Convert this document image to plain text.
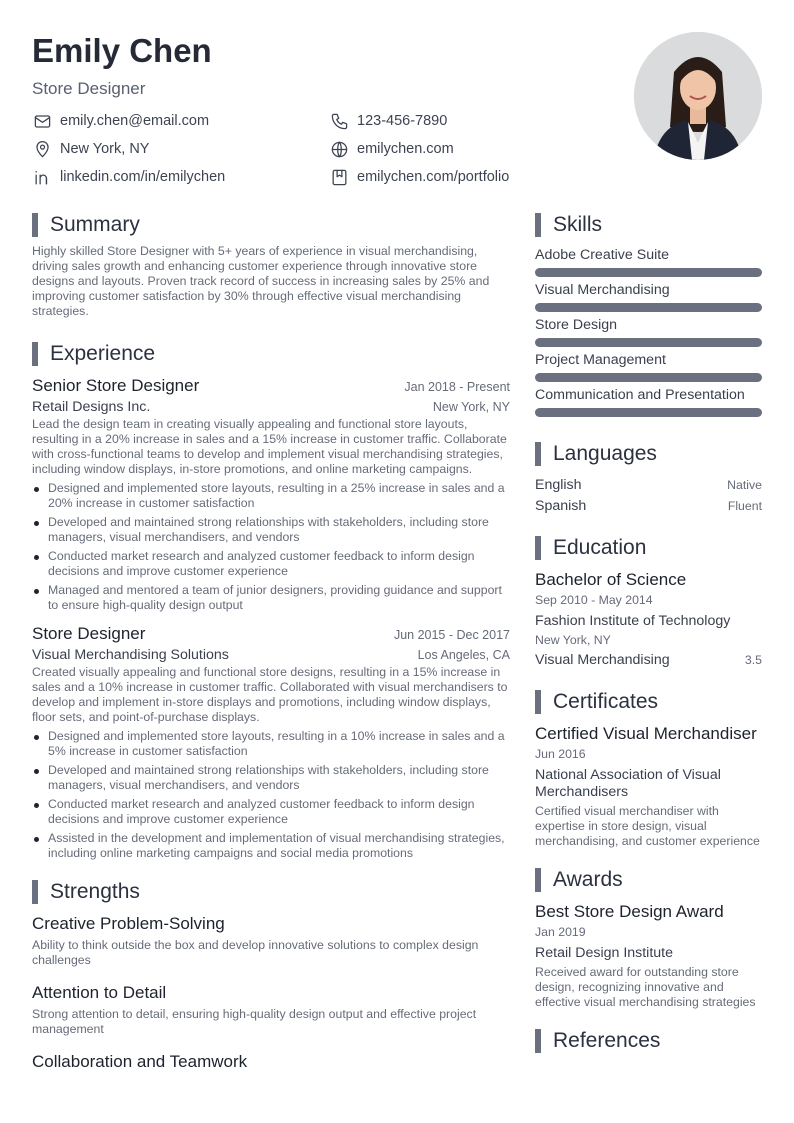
Emily Chen
Store Designer
emily.chen@email.com	123-456-7890
New York, NY	emilychen.com
linkedin.com/in/emilychen	emilychen.com/portfolio
Summary
Highly skilled Store Designer with 5+ years of experience in visual merchandising, driving sales growth and enhancing customer experience through innovative store designs and layouts. Proven track record of success in increasing sales by 25% and improving customer satisfaction by 30% through effective visual merchandising strategies.
Experience
Senior Store Designer	Jan 2018 - Present
Retail Designs Inc.	New York, NY
Lead the design team in creating visually appealing and functional store layouts, resulting in a 20% increase in sales and a 15% increase in customer traffic. Collaborate with cross-functional teams to develop and implement visual merchandising strategies, including window displays, in-store promotions, and online marketing campaigns.
Designed and implemented store layouts, resulting in a 25% increase in sales and a 20% increase in customer satisfaction
Developed and maintained strong relationships with stakeholders, including store managers, visual merchandisers, and vendors
Conducted market research and analyzed customer feedback to inform design decisions and improve customer experience
Managed and mentored a team of junior designers, providing guidance and support to ensure high-quality design output
Store Designer	Jun 2015 - Dec 2017
Visual Merchandising Solutions	Los Angeles, CA
Created visually appealing and functional store designs, resulting in a 15% increase in sales and a 10% increase in customer traffic. Collaborated with visual merchandisers to develop and implement in-store displays and promotions, including window displays, floor sets, and point-of-purchase displays.
Designed and implemented store layouts, resulting in a 10% increase in sales and a 5% increase in customer satisfaction
Developed and maintained strong relationships with stakeholders, including store managers, visual merchandisers, and vendors
Conducted market research and analyzed customer feedback to inform design decisions and improve customer experience
Assisted in the development and implementation of visual merchandising strategies, including online marketing campaigns and social media promotions
Strengths
Creative Problem-Solving
Ability to think outside the box and develop innovative solutions to complex design challenges
Attention to Detail
Strong attention to detail, ensuring high-quality design output and effective project management
Collaboration and Teamwork
Skills
Adobe Creative Suite
Visual Merchandising
Store Design
Project Management
Communication and Presentation
Languages
English	Native
Spanish	Fluent
Education
Bachelor of Science
Sep 2010 - May 2014
Fashion Institute of Technology
New York, NY
Visual Merchandising	3.5
Certificates
Certified Visual Merchandiser
Jun 2016
National Association of Visual Merchandisers
Certified visual merchandiser with expertise in store design, visual merchandising, and customer experience
Awards
Best Store Design Award
Jan 2019
Retail Design Institute
Received award for outstanding store design, recognizing innovative and effective visual merchandising strategies
References
